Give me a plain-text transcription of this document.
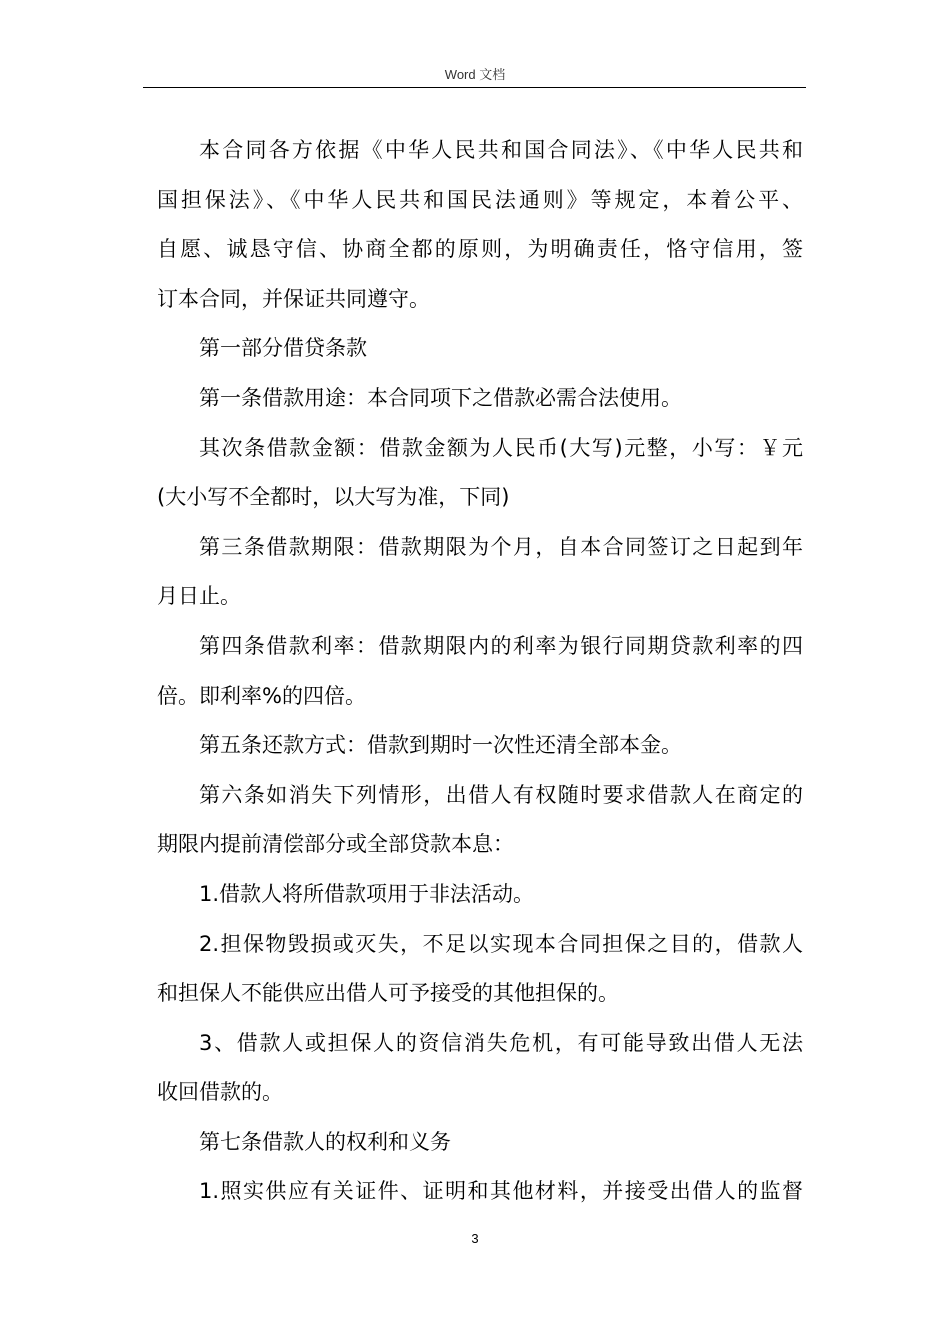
Word 文档

本合同各方依据《中华人民共和国合同法》、《中华人民共和
国担保法》、《中华人民共和国民法通则》等规定，本着公平、
自愿、诚恳守信、协商全都的原则，为明确责任，恪守信用，签
订本合同，并保证共同遵守。

第一部分借贷条款

第一条借款用途：本合同项下之借款必需合法使用。

其次条借款金额：借款金额为人民币(大写)元整，小写：￥元
(大小写不全都时，以大写为准，下同)

第三条借款期限：借款期限为个月，自本合同签订之日起到年
月日止。

第四条借款利率：借款期限内的利率为银行同期贷款利率的四
倍。即利率%的四倍。

第五条还款方式：借款到期时一次性还清全部本金。

第六条如消失下列情形，出借人有权随时要求借款人在商定的
期限内提前清偿部分或全部贷款本息：

1.借款人将所借款项用于非法活动。

2.担保物毁损或灭失，不足以实现本合同担保之目的，借款人
和担保人不能供应出借人可予接受的其他担保的。

3、借款人或担保人的资信消失危机，有可能导致出借人无法
收回借款的。

第七条借款人的权利和义务

1.照实供应有关证件、证明和其他材料，并接受出借人的监督

3
